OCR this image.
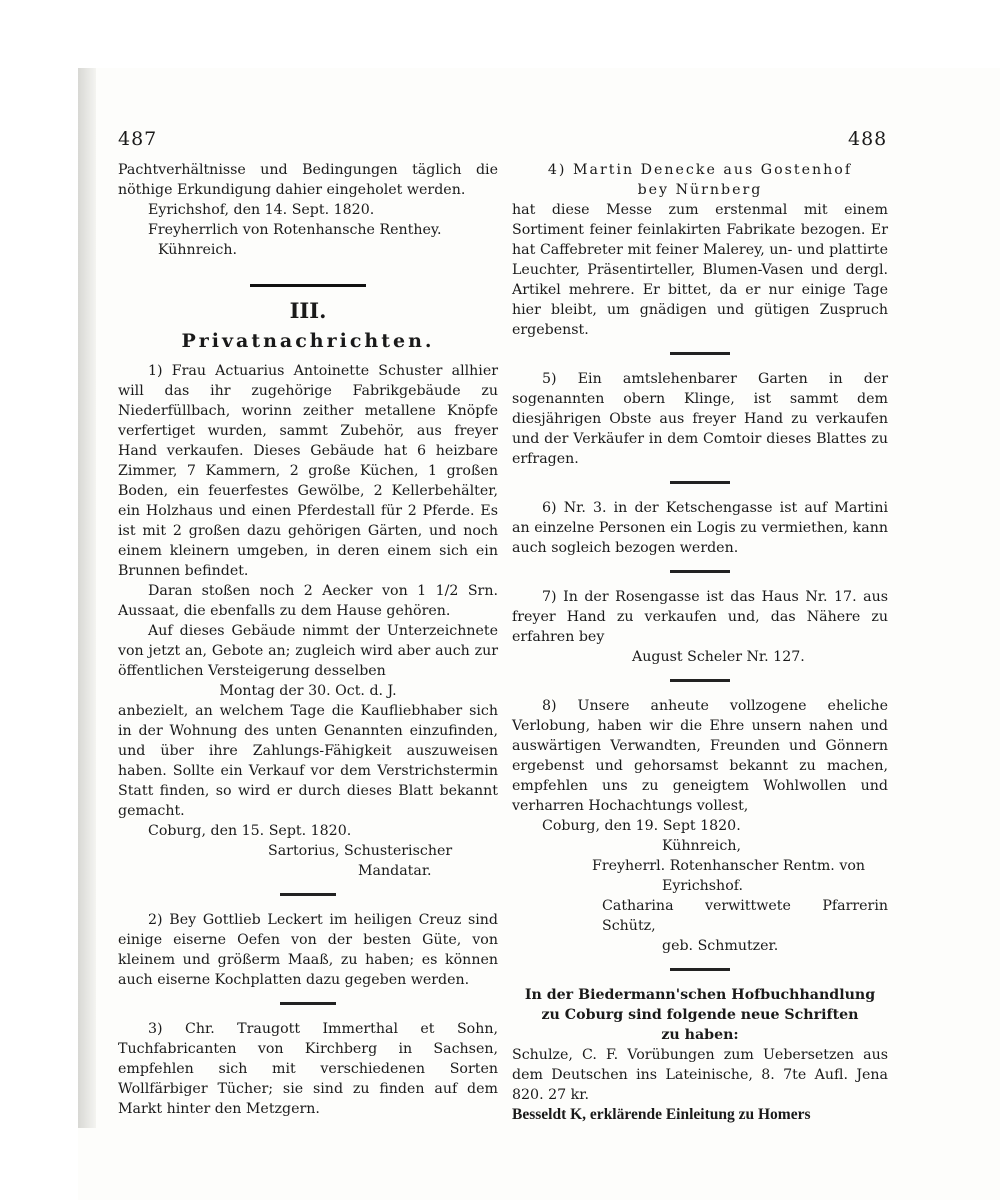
487	488

Pachtverhältnisse und Bedingungen täglich die nöthige Erkundigung dahier eingeholet werden.

Eyrichshof, den 14. Sept. 1820.

Freyherrlich von Rotenhansche Renthey.

Kühnreich.

III.
Privatnachrichten.

1) Frau Actuarius Antoinette Schuster allhier will das ihr zugehörige Fabrikgebäude zu Niederfüllbach, worinn zeither metallene Knöpfe verfertiget wurden, sammt Zubehör, aus freyer Hand verkaufen. Dieses Gebäude hat 6 heizbare Zimmer, 7 Kammern, 2 große Küchen, 1 großen Boden, ein feuerfestes Gewölbe, 2 Kellerbehälter, ein Holzhaus und einen Pferdestall für 2 Pferde. Es ist mit 2 großen dazu gehörigen Gärten, und noch einem kleinern umgeben, in deren einem sich ein Brunnen befindet.

Daran stoßen noch 2 Aecker von 1 1/2 Srn. Aussaat, die ebenfalls zu dem Hause gehören.

Auf dieses Gebäude nimmt der Unterzeichnete von jetzt an, Gebote an; zugleich wird aber auch zur öffentlichen Versteigerung desselben

Montag der 30. Oct. d. J.

anbezielt, an welchem Tage die Kaufliebhaber sich in der Wohnung des unten Genannten einzufinden, und über ihre Zahlungs-Fähigkeit auszuweisen haben. Sollte ein Verkauf vor dem Verstrichstermin Statt finden, so wird er durch dieses Blatt bekannt gemacht.

Coburg, den 15. Sept. 1820.

Sartorius, Schusterischer

Mandatar.

2) Bey Gottlieb Leckert im heiligen Creuz sind einige eiserne Oefen von der besten Güte, von kleinem und größerm Maaß, zu haben; es können auch eiserne Kochplatten dazu gegeben werden.

3) Chr. Traugott Immerthal et Sohn, Tuchfabricanten von Kirchberg in Sachsen, empfehlen sich mit verschiedenen Sorten Wollfärbiger Tücher; sie sind zu finden auf dem Markt hinter den Metzgern.

4) Martin Denecke aus Gostenhof

bey Nürnberg

hat diese Messe zum erstenmal mit einem Sortiment feiner feinlakirten Fabrikate bezogen. Er hat Caffebreter mit feiner Malerey, un- und plattirte Leuchter, Präsentirteller, Blumen-Vasen und dergl. Artikel mehrere. Er bittet, da er nur einige Tage hier bleibt, um gnädigen und gütigen Zuspruch ergebenst.

5) Ein amtslehenbarer Garten in der sogenannten obern Klinge, ist sammt dem diesjährigen Obste aus freyer Hand zu verkaufen und der Verkäufer in dem Comtoir dieses Blattes zu erfragen.

6) Nr. 3. in der Ketschengasse ist auf Martini an einzelne Personen ein Logis zu vermiethen, kann auch sogleich bezogen werden.

7) In der Rosengasse ist das Haus Nr. 17. aus freyer Hand zu verkaufen und, das Nähere zu erfahren bey

August Scheler Nr. 127.

8) Unsere anheute vollzogene eheliche Verlobung, haben wir die Ehre unsern nahen und auswärtigen Verwandten, Freunden und Gönnern ergebenst und gehorsamst bekannt zu machen, empfehlen uns zu geneigtem Wohlwollen und verharren Hochachtungs vollest,

Coburg, den 19. Sept 1820.

Kühnreich,

Freyherrl. Rotenhanscher Rentm. von

Eyrichshof.

Catharina verwittwete Pfarrerin Schütz,

geb. Schmutzer.

In der Biedermann'schen Hofbuchhandlung

zu Coburg sind folgende neue Schriften

zu haben:

Schulze, C. F. Vorübungen zum Uebersetzen aus dem Deutschen ins Lateinische, 8. 7te Aufl. Jena 820. 27 kr.

Besseldt K, erklärende Einleitung zu Homers
